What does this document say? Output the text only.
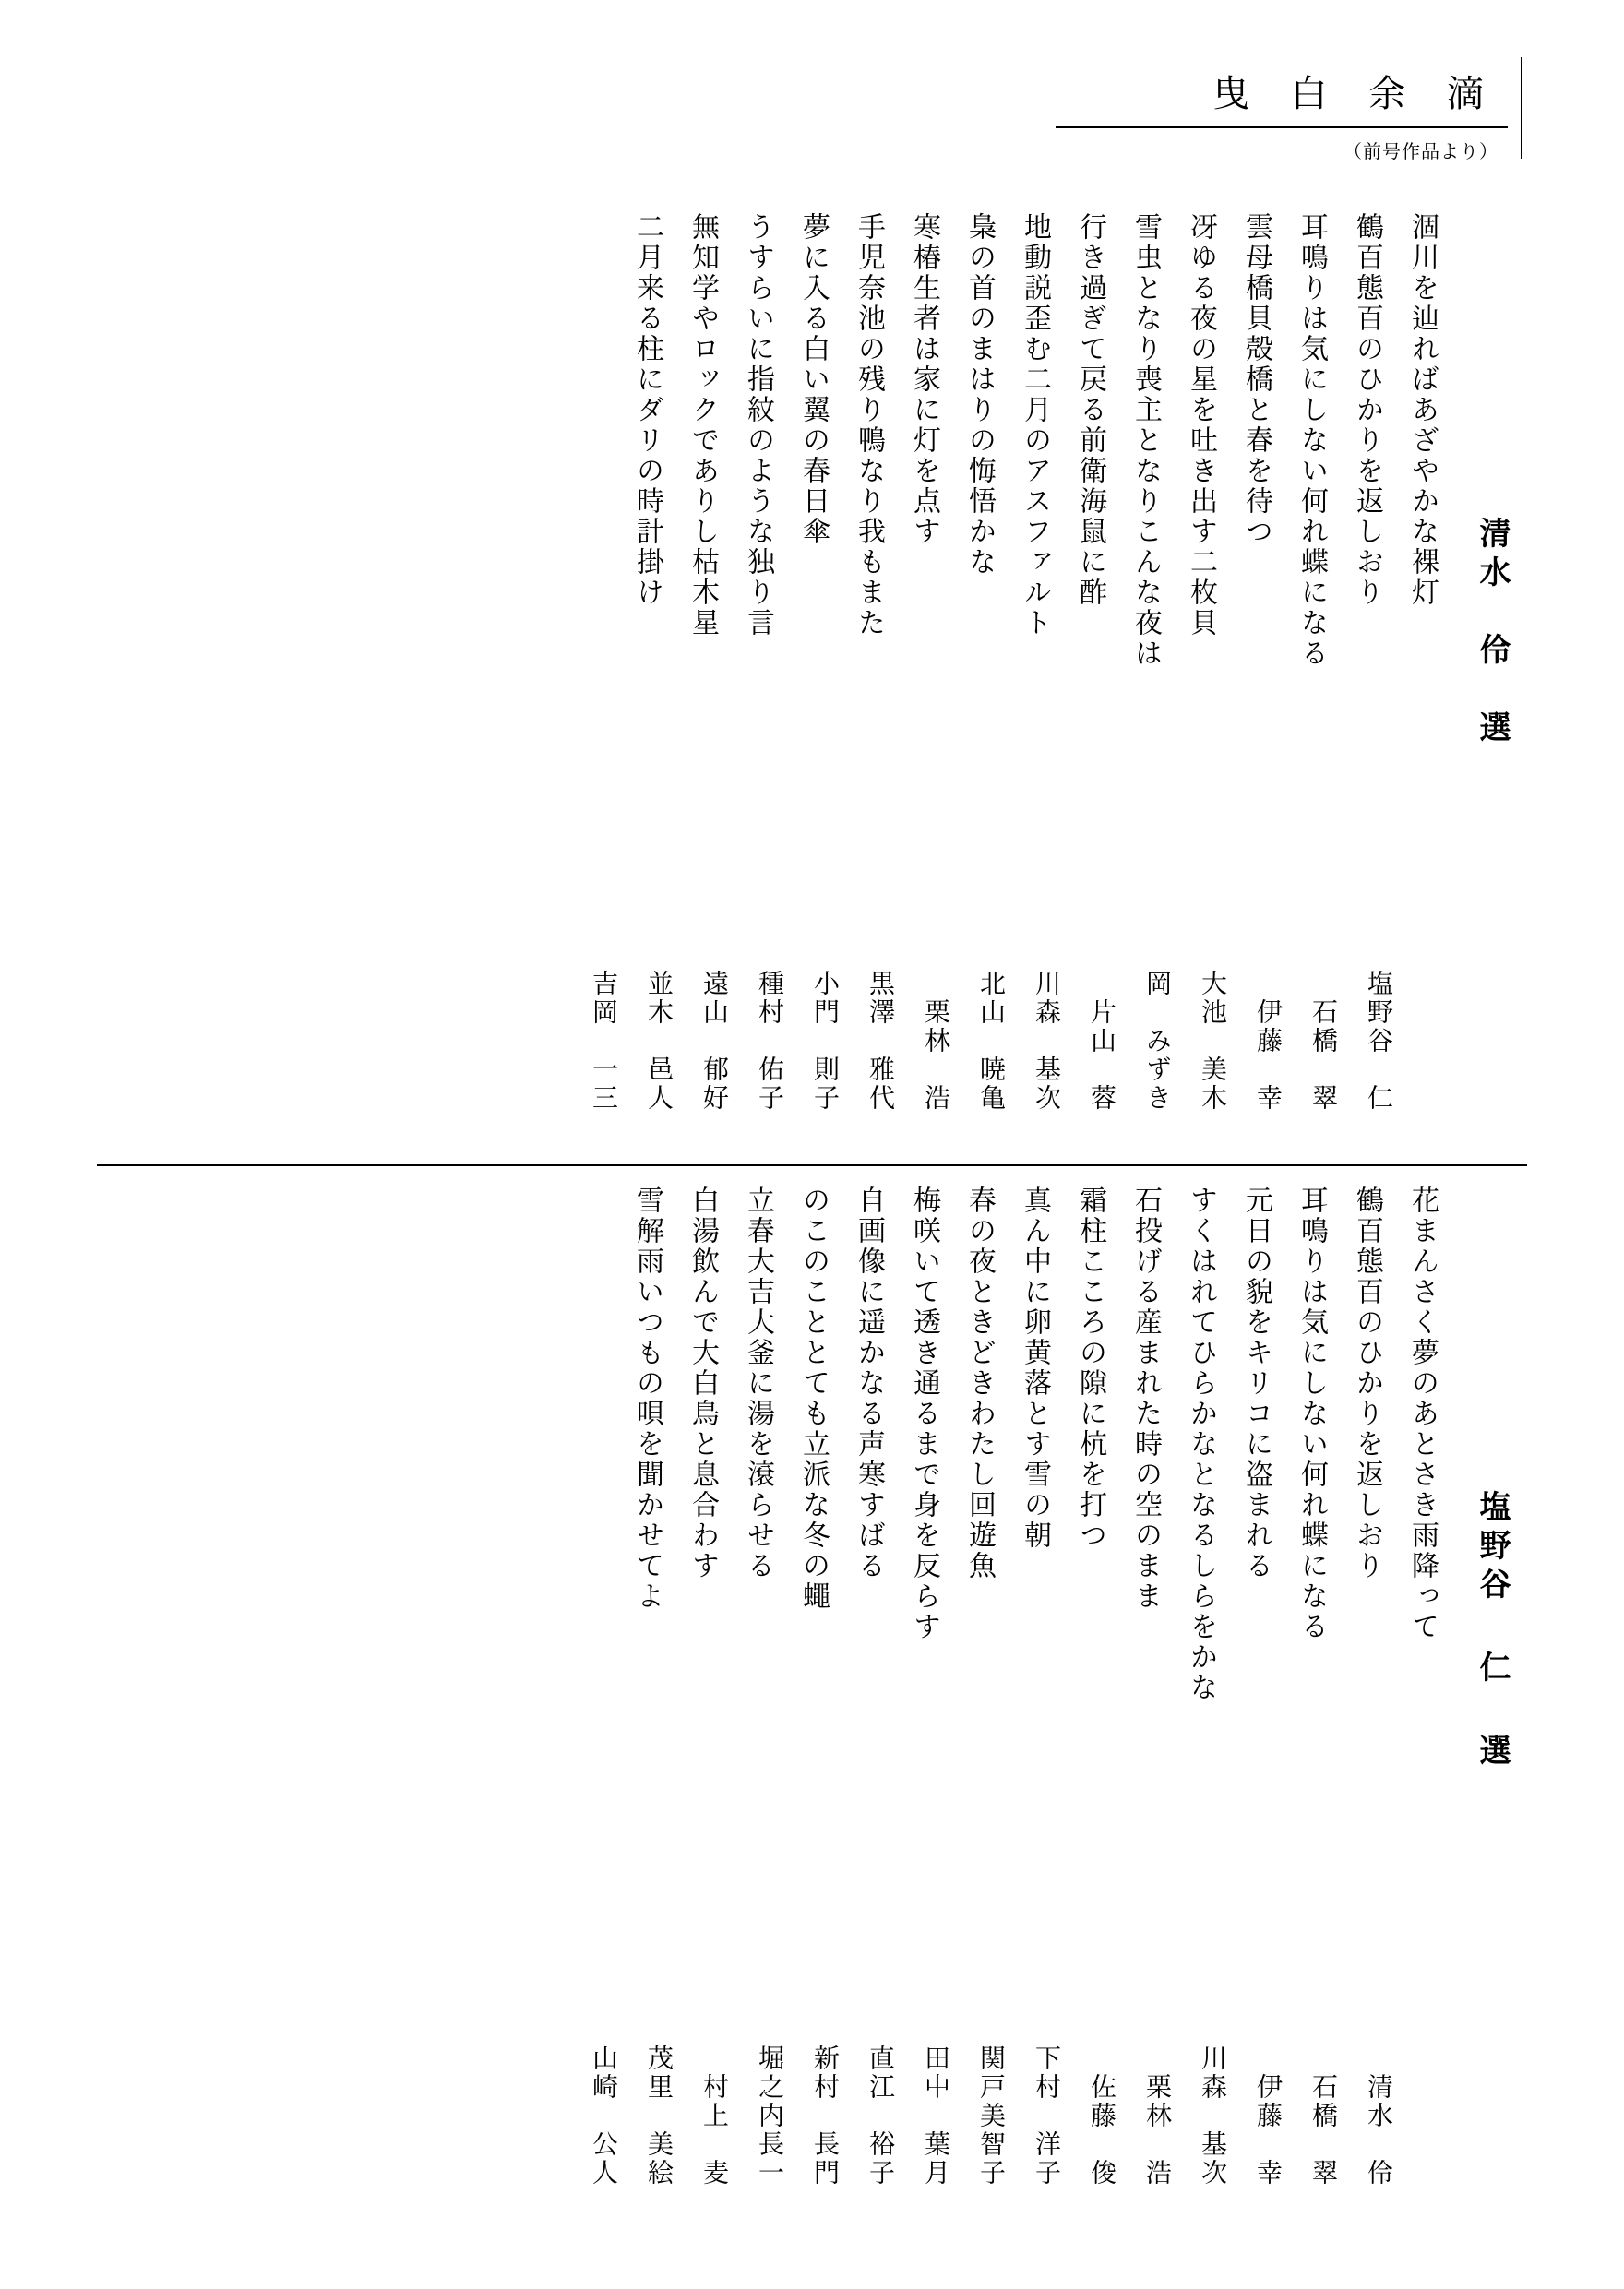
曳 白 余 滴
（前号作品より）
清水　伶　選
涸川を辿ればあざやかな裸灯
塩野谷　仁
鶴百態百のひかりを返しおり
石橋　翠
耳鳴りは気にしない何れ蝶になる
伊藤　幸
雲母橋貝殻橋と春を待つ
大池　美木
冴ゆる夜の星を吐き出す二枚貝
岡　みずき
雪虫となり喪主となりこんな夜は
片山　蓉
行き過ぎて戻る前衛海鼠に酢
川森　基次
地動説歪む二月のアスファルト
北山　暁亀
梟の首のまはりの悔悟かな
栗林　浩
寒椿生者は家に灯を点す
黒澤　雅代
手児奈池の残り鴨なり我もまた
小門　則子
夢に入る白い翼の春日傘
種村　佑子
うすらいに指紋のような独り言
遠山　郁好
無知学やロックでありし枯木星
並木　邑人
二月来る柱にダリの時計掛け
吉岡　一三
塩野谷 仁 選
花まんさく夢のあとさき雨降って
清水　伶
鶴百態百のひかりを返しおり
石橋　翠
耳鳴りは気にしない何れ蝶になる
伊藤　幸
元日の貌をキリコに盗まれる
川森　基次
すくはれてひらかなとなるしらをかな
栗林　浩
石投げる産まれた時の空のまま
佐藤　俊
霜柱こころの隙に杭を打つ
下村　洋子
真ん中に卵黄落とす雪の朝
関戸美智子
春の夜ときどきわたし回遊魚
田中　葉月
梅咲いて透き通るまで身を反らす
直江　裕子
自画像に遥かなる声寒すばる
新村　長門
のこのこととても立派な冬の蠅
堀之内長一
立春大吉大釜に湯を滾らせる
村上　麦
白湯飲んで大白鳥と息合わす
茂里　美絵
雪解雨いつもの唄を聞かせてよ
山崎　公人
